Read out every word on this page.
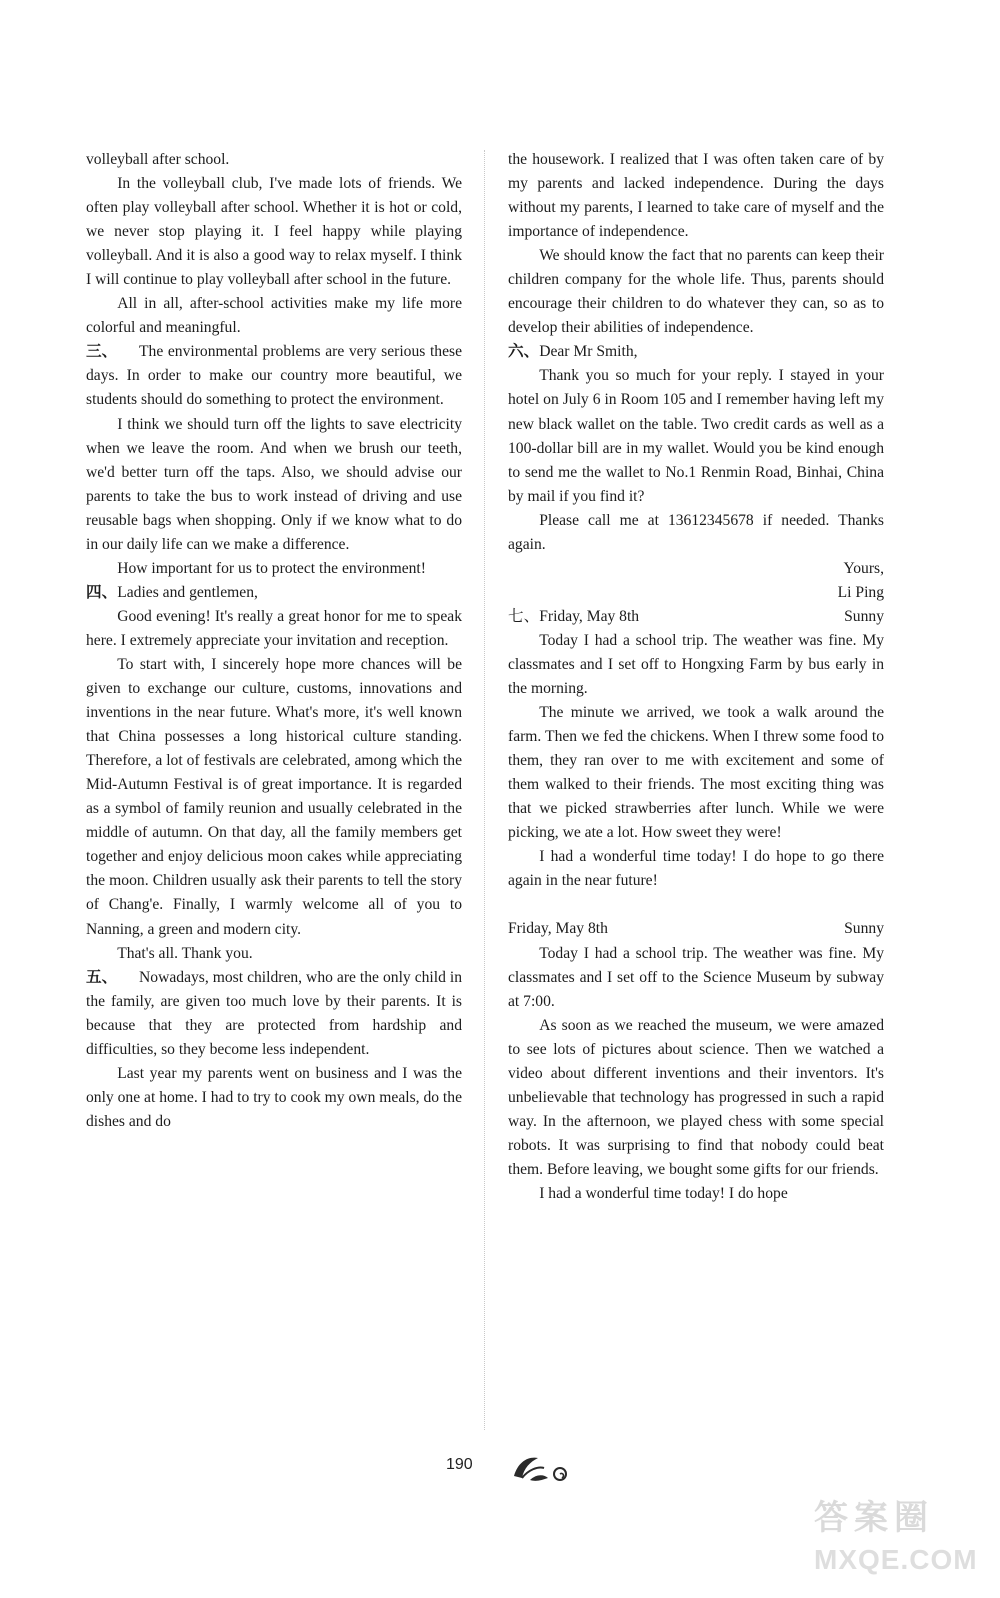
volleyball after school.

In the volleyball club, I've made lots of friends. We often play volleyball after school. Whether it is hot or cold, we never stop playing it. I feel happy while playing volleyball. And it is also a good way to relax myself. I think I will continue to play volleyball after school in the future.

All in all, after-school activities make my life more colorful and meaningful.

三、 The environmental problems are very serious these days. In order to make our country more beautiful, we students should do something to protect the environment.

I think we should turn off the lights to save electricity when we leave the room. And when we brush our teeth, we'd better turn off the taps. Also, we should advise our parents to take the bus to work instead of driving and use reusable bags when shopping. Only if we know what to do in our daily life can we make a difference.

How important for us to protect the environment!

四、Ladies and gentlemen,

Good evening! It's really a great honor for me to speak here. I extremely appreciate your invitation and reception.

To start with, I sincerely hope more chances will be given to exchange our culture, customs, innovations and inventions in the near future. What's more, it's well known that China possesses a long historical culture standing. Therefore, a lot of festivals are celebrated, among which the Mid-Autumn Festival is of great importance. It is regarded as a symbol of family reunion and usually celebrated in the middle of autumn. On that day, all the family members get together and enjoy delicious moon cakes while appreciating the moon. Children usually ask their parents to tell the story of Chang'e. Finally, I warmly welcome all of you to Nanning, a green and modern city.

That's all. Thank you.

五、 Nowadays, most children, who are the only child in the family, are given too much love by their parents. It is because that they are protected from hardship and difficulties, so they become less independent.

Last year my parents went on business and I was the only one at home. I had to try to cook my own meals, do the dishes and do

the housework. I realized that I was often taken care of by my parents and lacked independence. During the days without my parents, I learned to take care of myself and the importance of independence.

We should know the fact that no parents can keep their children company for the whole life. Thus, parents should encourage their children to do whatever they can, so as to develop their abilities of independence.

六、Dear Mr Smith,

Thank you so much for your reply. I stayed in your hotel on July 6 in Room 105 and I remember having left my new black wallet on the table. Two credit cards as well as a 100-dollar bill are in my wallet. Would you be kind enough to send me the wallet to No.1 Renmin Road, Binhai, China by mail if you find it?

Please call me at 13612345678 if needed. Thanks again.

Yours,

Li Ping

七、Friday, May 8th	Sunny

Today I had a school trip. The weather was fine. My classmates and I set off to Hongxing Farm by bus early in the morning.

The minute we arrived, we took a walk around the farm. Then we fed the chickens. When I threw some food to them, they ran over to me with excitement and some of them walked to their friends. The most exciting thing was that we picked strawberries after lunch. While we were picking, we ate a lot. How sweet they were!

I had a wonderful time today! I do hope to go there again in the near future!

Friday, May 8th	Sunny

Today I had a school trip. The weather was fine. My classmates and I set off to the Science Museum by subway at 7:00.

As soon as we reached the museum, we were amazed to see lots of pictures about science. Then we watched a video about different inventions and their inventors. It's unbelievable that technology has progressed in such a rapid way. In the afternoon, we played chess with some special robots. It was surprising to find that nobody could beat them. Before leaving, we bought some gifts for our friends.

I had a wonderful time today! I do hope

190
答案圈
MXQE.COM
